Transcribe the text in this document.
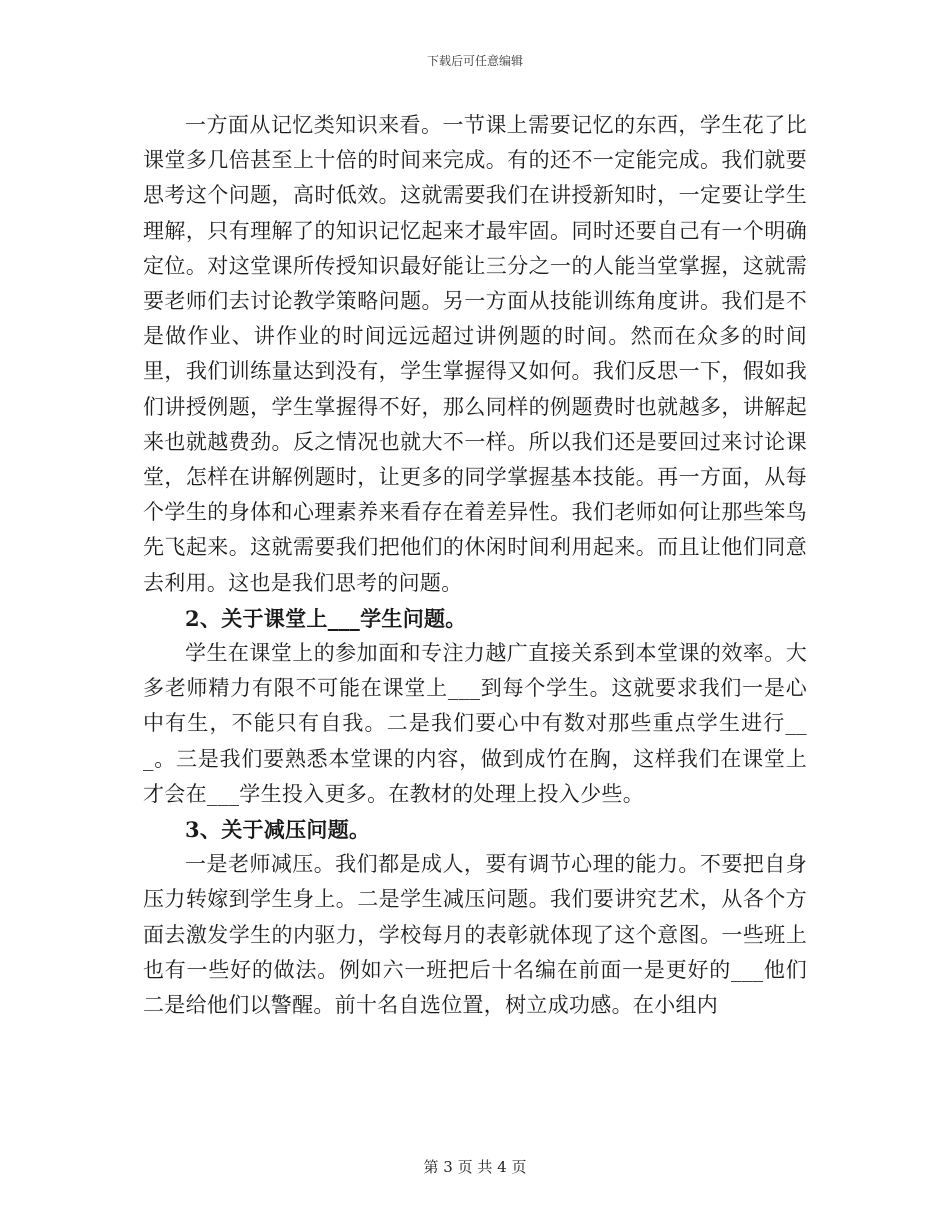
下载后可任意编辑

一方面从记忆类知识来看。一节课上需要记忆的东西，学生花了比课堂多几倍甚至上十倍的时间来完成。有的还不一定能完成。我们就要思考这个问题，高时低效。这就需要我们在讲授新知时，一定要让学生理解，只有理解了的知识记忆起来才最牢固。同时还要自己有一个明确定位。对这堂课所传授知识最好能让三分之一的人能当堂掌握，这就需要老师们去讨论教学策略问题。另一方面从技能训练角度讲。我们是不是做作业、讲作业的时间远远超过讲例题的时间。然而在众多的时间里，我们训练量达到没有，学生掌握得又如何。我们反思一下，假如我们讲授例题，学生掌握得不好，那么同样的例题费时也就越多，讲解起来也就越费劲。反之情况也就大不一样。所以我们还是要回过来讨论课堂，怎样在讲解例题时，让更多的同学掌握基本技能。再一方面，从每个学生的身体和心理素养来看存在着差异性。我们老师如何让那些笨鸟先飞起来。这就需要我们把他们的休闲时间利用起来。而且让他们同意去利用。这也是我们思考的问题。

2、关于课堂上___学生问题。

学生在课堂上的参加面和专注力越广直接关系到本堂课的效率。大多老师精力有限不可能在课堂上___到每个学生。这就要求我们一是心中有生，不能只有自我。二是我们要心中有数对那些重点学生进行___。三是我们要熟悉本堂课的内容，做到成竹在胸，这样我们在课堂上才会在___学生投入更多。在教材的处理上投入少些。

3、关于减压问题。

一是老师减压。我们都是成人，要有调节心理的能力。不要把自身压力转嫁到学生身上。二是学生减压问题。我们要讲究艺术，从各个方面去激发学生的内驱力，学校每月的表彰就体现了这个意图。一些班上也有一些好的做法。例如六一班把后十名编在前面一是更好的___他们二是给他们以警醒。前十名自选位置，树立成功感。在小组内

第 3 页 共 4 页
